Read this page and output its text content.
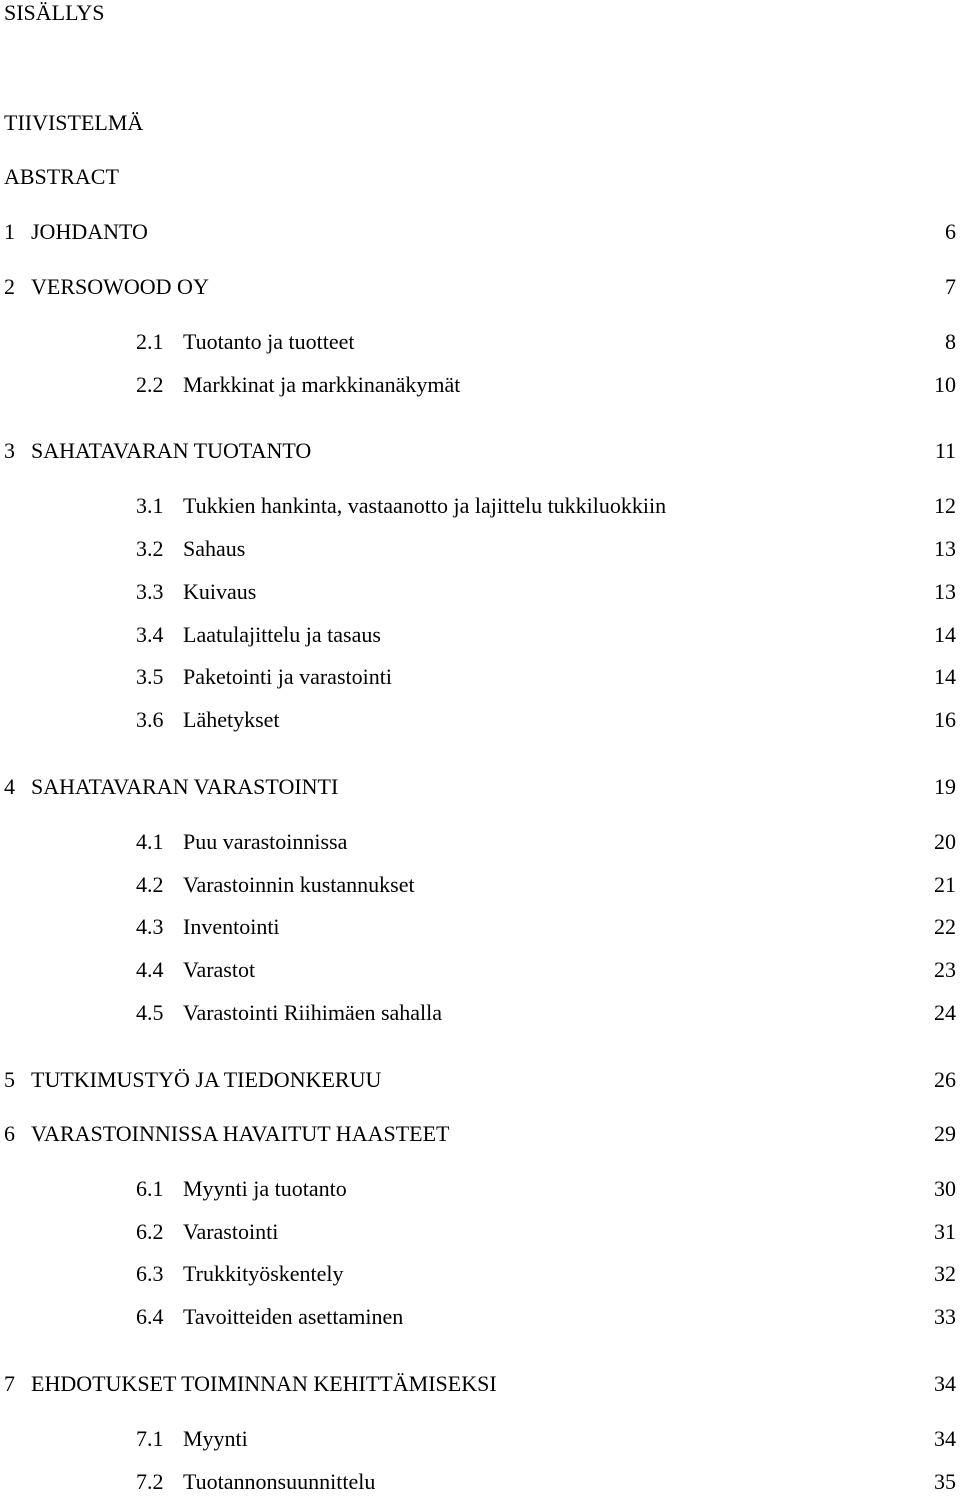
SISÄLLYS
TIIVISTELMÄ
ABSTRACT
1 JOHDANTO	6
2 VERSOWOOD OY	7
2.1 Tuotanto ja tuotteet	8
2.2 Markkinat ja markkinanäkymät	10
3 SAHATAVARAN TUOTANTO	11
3.1 Tukkien hankinta, vastaanotto ja lajittelu tukkiluokkiin	12
3.2 Sahaus	13
3.3 Kuivaus	13
3.4 Laatulajittelu ja tasaus	14
3.5 Paketointi ja varastointi	14
3.6 Lähetykset	16
4 SAHATAVARAN VARASTOINTI	19
4.1 Puu varastoinnissa	20
4.2 Varastoinnin kustannukset	21
4.3 Inventointi	22
4.4 Varastot	23
4.5 Varastointi Riihimäen sahalla	24
5 TUTKIMUSTYÖ JA TIEDONKERUU	26
6 VARASTOINNISSA HAVAITUT HAASTEET	29
6.1 Myynti ja tuotanto	30
6.2 Varastointi	31
6.3 Trukkityöskentely	32
6.4 Tavoitteiden asettaminen	33
7 EHDOTUKSET TOIMINNAN KEHITTÄMISEKSI	34
7.1 Myynti	34
7.2 Tuotannonsuunnittelu	35
